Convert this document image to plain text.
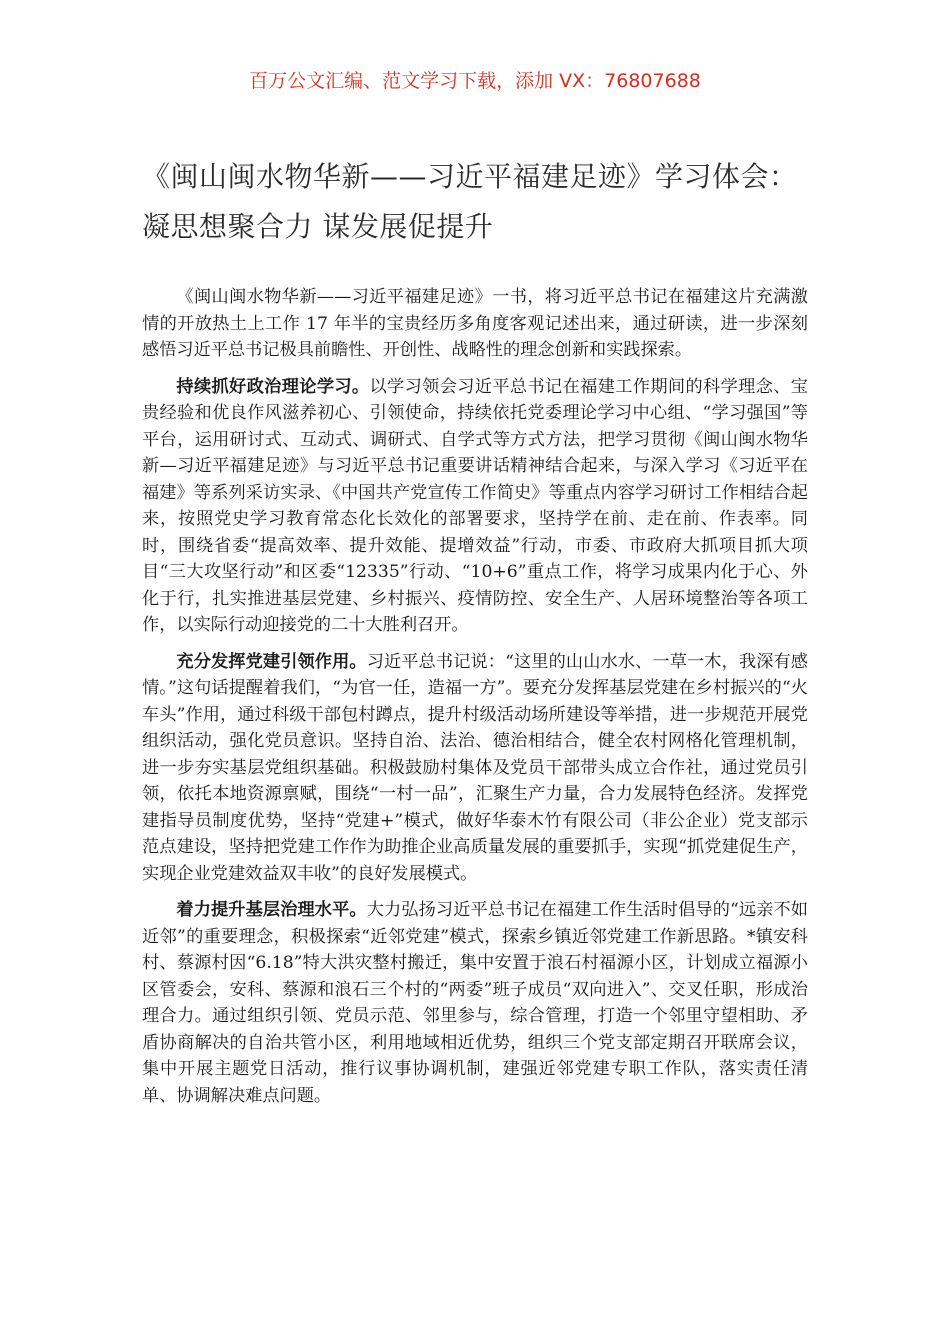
百万公文汇编、范文学习下载，添加 VX：76807688
《闽山闽水物华新——习近平福建足迹》学习体会：
凝思想聚合力 谋发展促提升

《闽山闽水物华新——习近平福建足迹》一书，将习近平总书记在福建这片充满激情的开放热土上工作 17 年半的宝贵经历多角度客观记述出来，通过研读，进一步深刻感悟习近平总书记极具前瞻性、开创性、战略性的理念创新和实践探索。

持续抓好政治理论学习。以学习领会习近平总书记在福建工作期间的科学理念、宝贵经验和优良作风滋养初心、引领使命，持续依托党委理论学习中心组、“学习强国”等平台，运用研讨式、互动式、调研式、自学式等方式方法，把学习贯彻《闽山闽水物华新—习近平福建足迹》与习近平总书记重要讲话精神结合起来，与深入学习《习近平在福建》等系列采访实录、《中国共产党宣传工作简史》等重点内容学习研讨工作相结合起来，按照党史学习教育常态化长效化的部署要求，坚持学在前、走在前、作表率。同时，围绕省委“提高效率、提升效能、提增效益”行动，市委、市政府大抓项目抓大项目“三大攻坚行动”和区委“12335”行动、“10+6”重点工作，将学习成果内化于心、外化于行，扎实推进基层党建、乡村振兴、疫情防控、安全生产、人居环境整治等各项工作，以实际行动迎接党的二十大胜利召开。

充分发挥党建引领作用。习近平总书记说：“这里的山山水水、一草一木，我深有感情。”这句话提醒着我们，“为官一任，造福一方”。要充分发挥基层党建在乡村振兴的“火车头”作用，通过科级干部包村蹲点，提升村级活动场所建设等举措，进一步规范开展党组织活动，强化党员意识。坚持自治、法治、德治相结合，健全农村网格化管理机制，进一步夯实基层党组织基础。积极鼓励村集体及党员干部带头成立合作社，通过党员引领，依托本地资源禀赋，围绕“一村一品”，汇聚生产力量，合力发展特色经济。发挥党建指导员制度优势，坚持“党建+”模式，做好华泰木竹有限公司（非公企业）党支部示范点建设，坚持把党建工作作为助推企业高质量发展的重要抓手，实现“抓党建促生产，实现企业党建效益双丰收”的良好发展模式。

着力提升基层治理水平。大力弘扬习近平总书记在福建工作生活时倡导的“远亲不如近邻”的重要理念，积极探索“近邻党建”模式，探索乡镇近邻党建工作新思路。*镇安科村、蔡源村因“6.18”特大洪灾整村搬迁，集中安置于浪石村福源小区，计划成立福源小区管委会，安科、蔡源和浪石三个村的“两委”班子成员“双向进入”、交叉任职，形成治理合力。通过组织引领、党员示范、邻里参与，综合管理，打造一个邻里守望相助、矛盾协商解决的自治共管小区，利用地域相近优势，组织三个党支部定期召开联席会议，集中开展主题党日活动，推行议事协调机制，建强近邻党建专职工作队，落实责任清单、协调解决难点问题。
